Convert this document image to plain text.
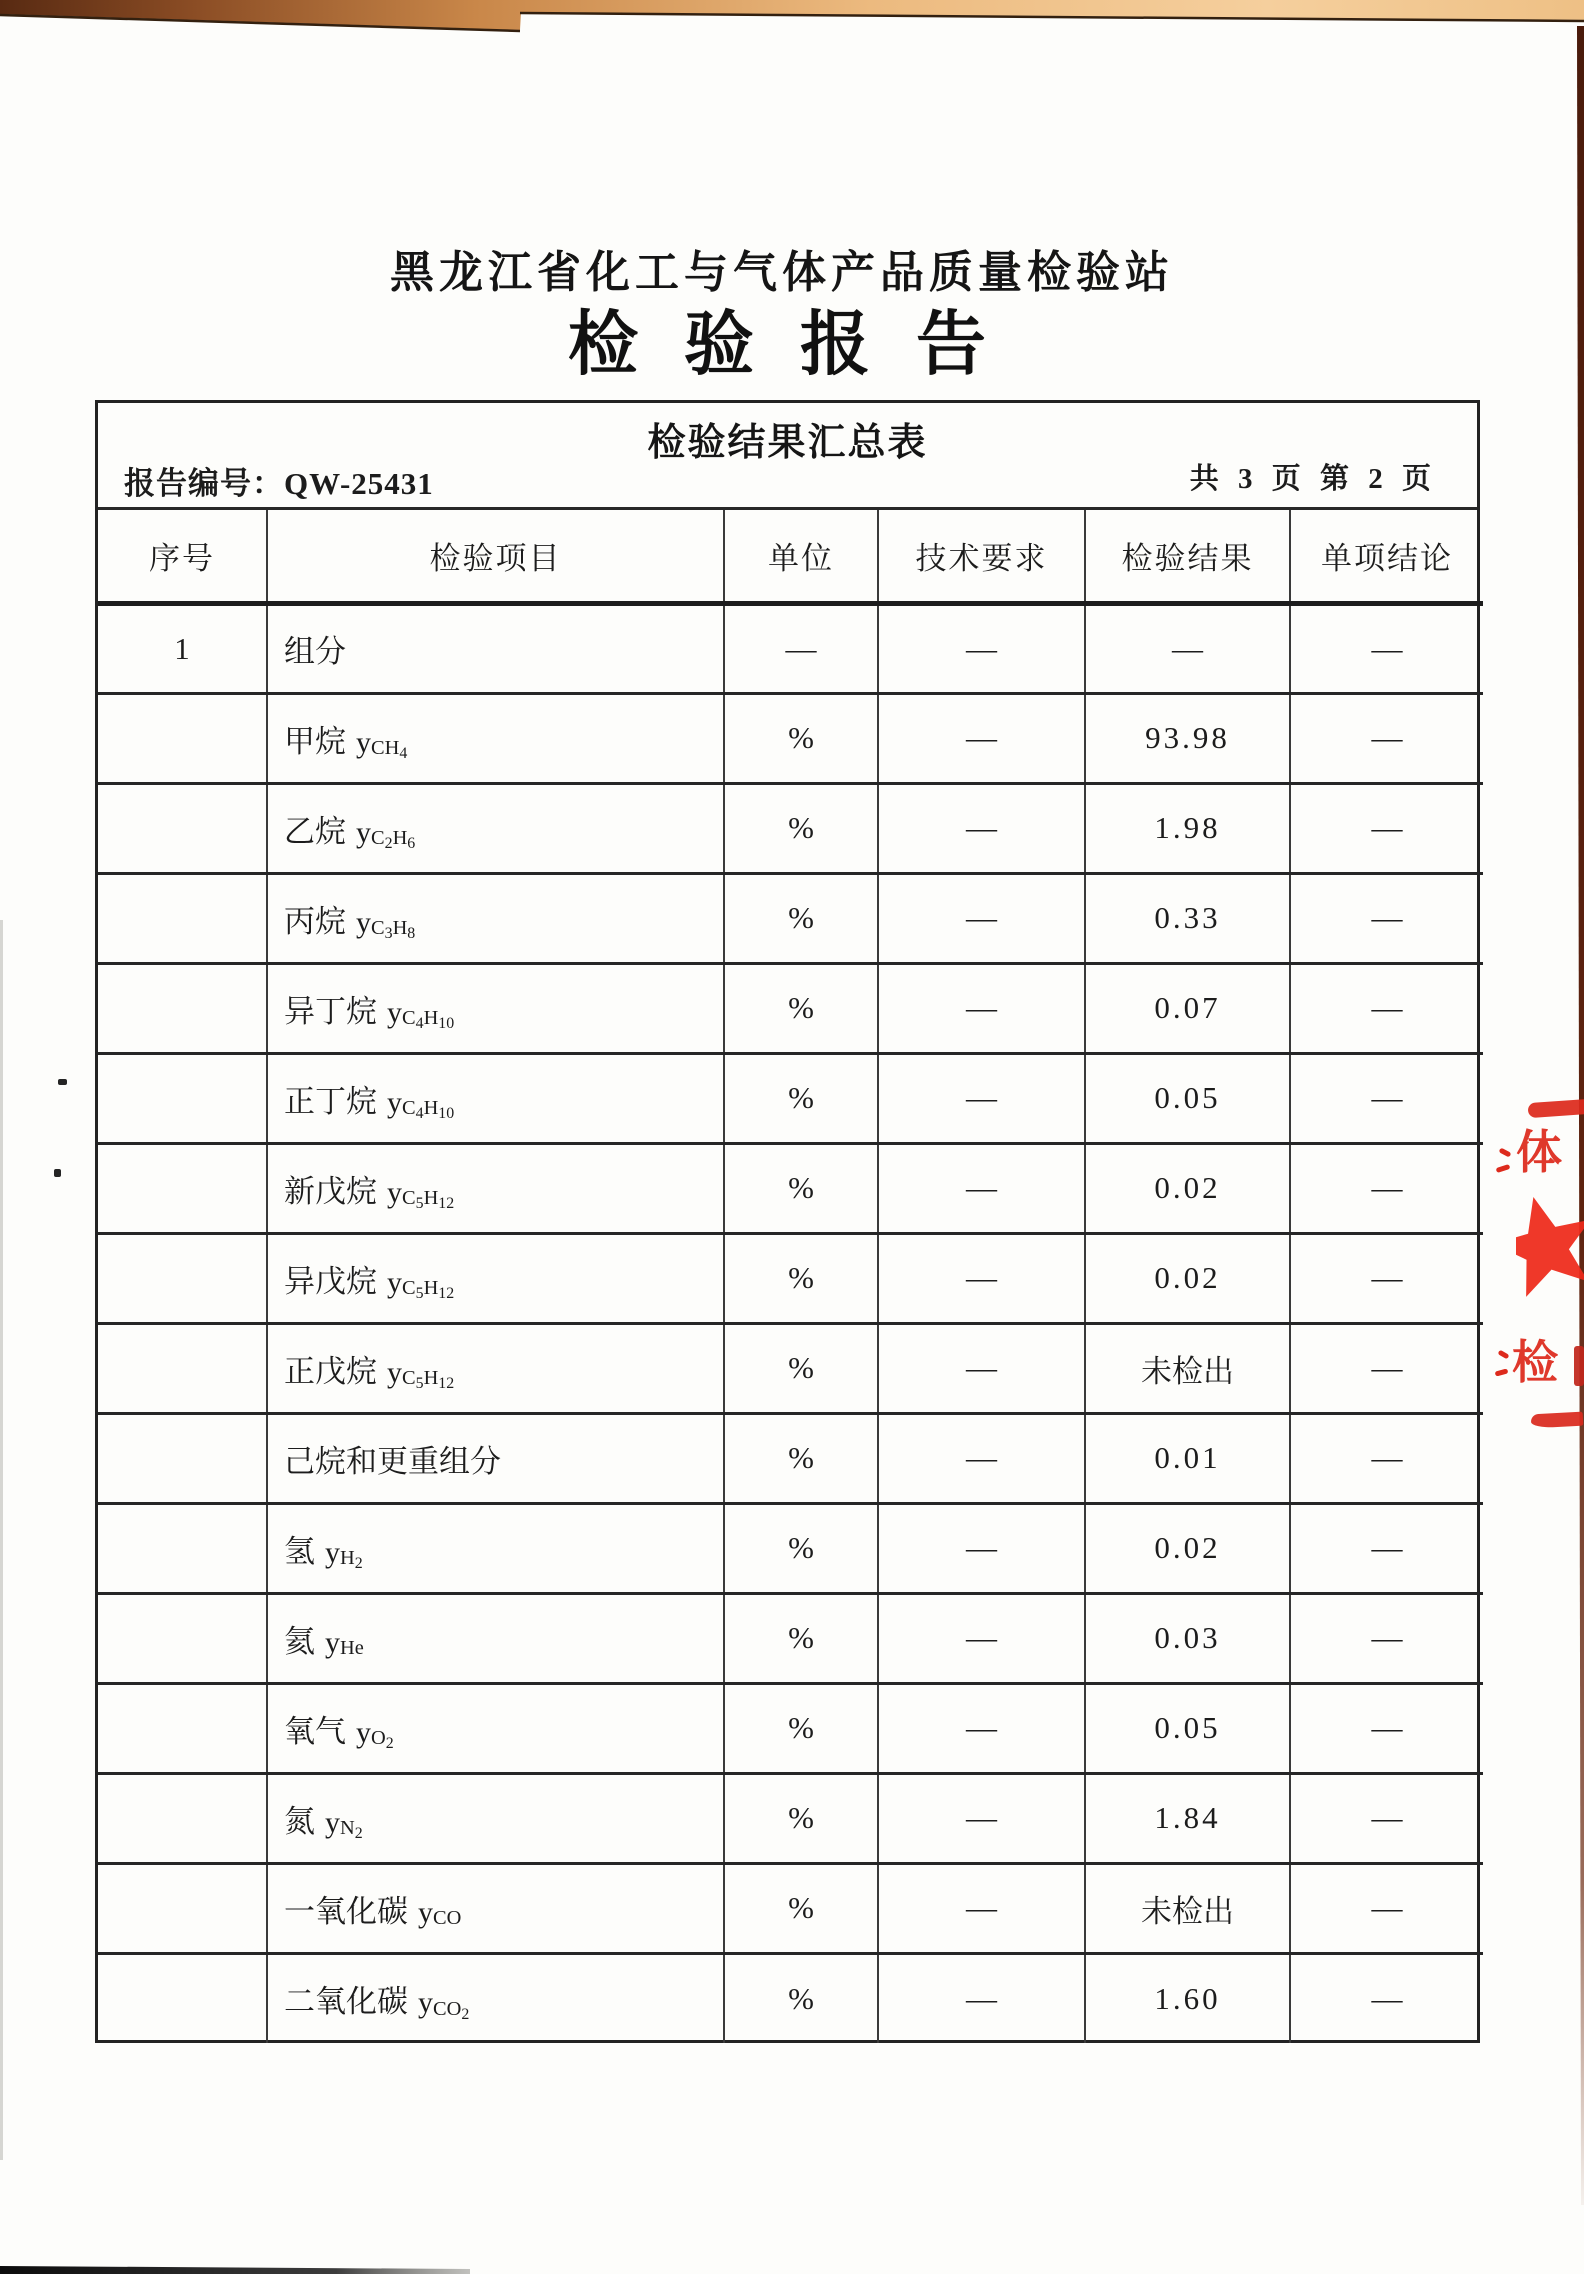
黑龙江省化工与气体产品质量检验站
检验报告
检验结果汇总表
报告编号：QW-25431	共 3 页 第 2 页
序号	检验项目	单位	技术要求	检验结果	单项结论
1	组分	—	—	—	—
	甲烷 yCH4	%	—	93.98	—
	乙烷 yC2H6	%	—	1.98	—
	丙烷 yC3H8	%	—	0.33	—
	异丁烷 yC4H10	%	—	0.07	—
	正丁烷 yC4H10	%	—	0.05	—
	新戊烷 yC5H12	%	—	0.02	—
	异戊烷 yC5H12	%	—	0.02	—
	正戊烷 yC5H12	%	—	未检出	—
	己烷和更重组分	%	—	0.01	—
	氢 yH2	%	—	0.02	—
	氦 yHe	%	—	0.03	—
	氧气 yO2	%	—	0.05	—
	氮 yN2	%	—	1.84	—
	一氧化碳 yCO	%	—	未检出	—
	二氧化碳 yCO2	%	—	1.60	—
体
检
